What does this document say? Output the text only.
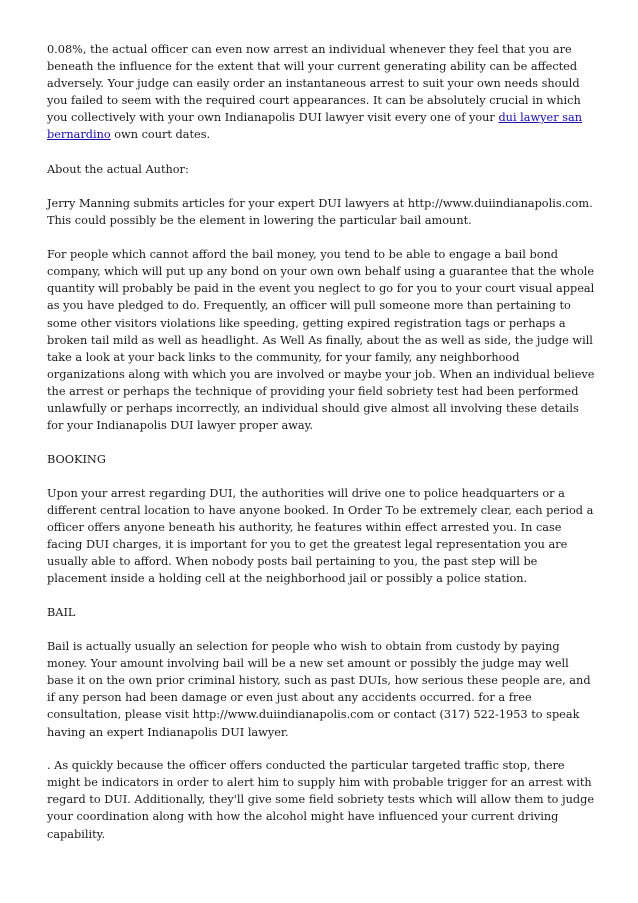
0.08%, the actual officer can even now arrest an individual whenever they feel that you are beneath the influence for the extent that will your current generating ability can be affected adversely. Your judge can easily order an instantaneous arrest to suit your own needs should you failed to seem with the required court appearances. It can be absolutely crucial in which you collectively with your own Indianapolis DUI lawyer visit every one of your dui lawyer san bernardino own court dates.

About the actual Author:

Jerry Manning submits articles for your expert DUI lawyers at http://www.duiindianapolis.com. This could possibly be the element in lowering the particular bail amount.

For people which cannot afford the bail money, you tend to be able to engage a bail bond company, which will put up any bond on your own own behalf using a guarantee that the whole quantity will probably be paid in the event you neglect to go for you to your court visual appeal as you have pledged to do. Frequently, an officer will pull someone more than pertaining to some other visitors violations like speeding, getting expired registration tags or perhaps a broken tail mild as well as headlight. As Well As finally, about the as well as side, the judge will take a look at your back links to the community, for your family, any neighborhood organizations along with which you are involved or maybe your job. When an individual believe the arrest or perhaps the technique of providing your field sobriety test had been performed unlawfully or perhaps incorrectly, an individual should give almost all involving these details for your Indianapolis DUI lawyer proper away.

BOOKING

Upon your arrest regarding DUI, the authorities will drive one to police headquarters or a different central location to have anyone booked. In Order To be extremely clear, each period a officer offers anyone beneath his authority, he features within effect arrested you. In case facing DUI charges, it is important for you to get the greatest legal representation you are usually able to afford. When nobody posts bail pertaining to you, the past step will be placement inside a holding cell at the neighborhood jail or possibly a police station.

BAIL

Bail is actually usually an selection for people who wish to obtain from custody by paying money. Your amount involving bail will be a new set amount or possibly the judge may well base it on the own prior criminal history, such as past DUIs, how serious these people are, and if any person had been damage or even just about any accidents occurred. for a free consultation, please visit http://www.duiindianapolis.com or contact (317) 522-1953 to speak having an expert Indianapolis DUI lawyer.

. As quickly because the officer offers conducted the particular targeted traffic stop, there might be indicators in order to alert him to supply him with probable trigger for an arrest with regard to DUI. Additionally, they'll give some field sobriety tests which will allow them to judge your coordination along with how the alcohol might have influenced your current driving capability.
